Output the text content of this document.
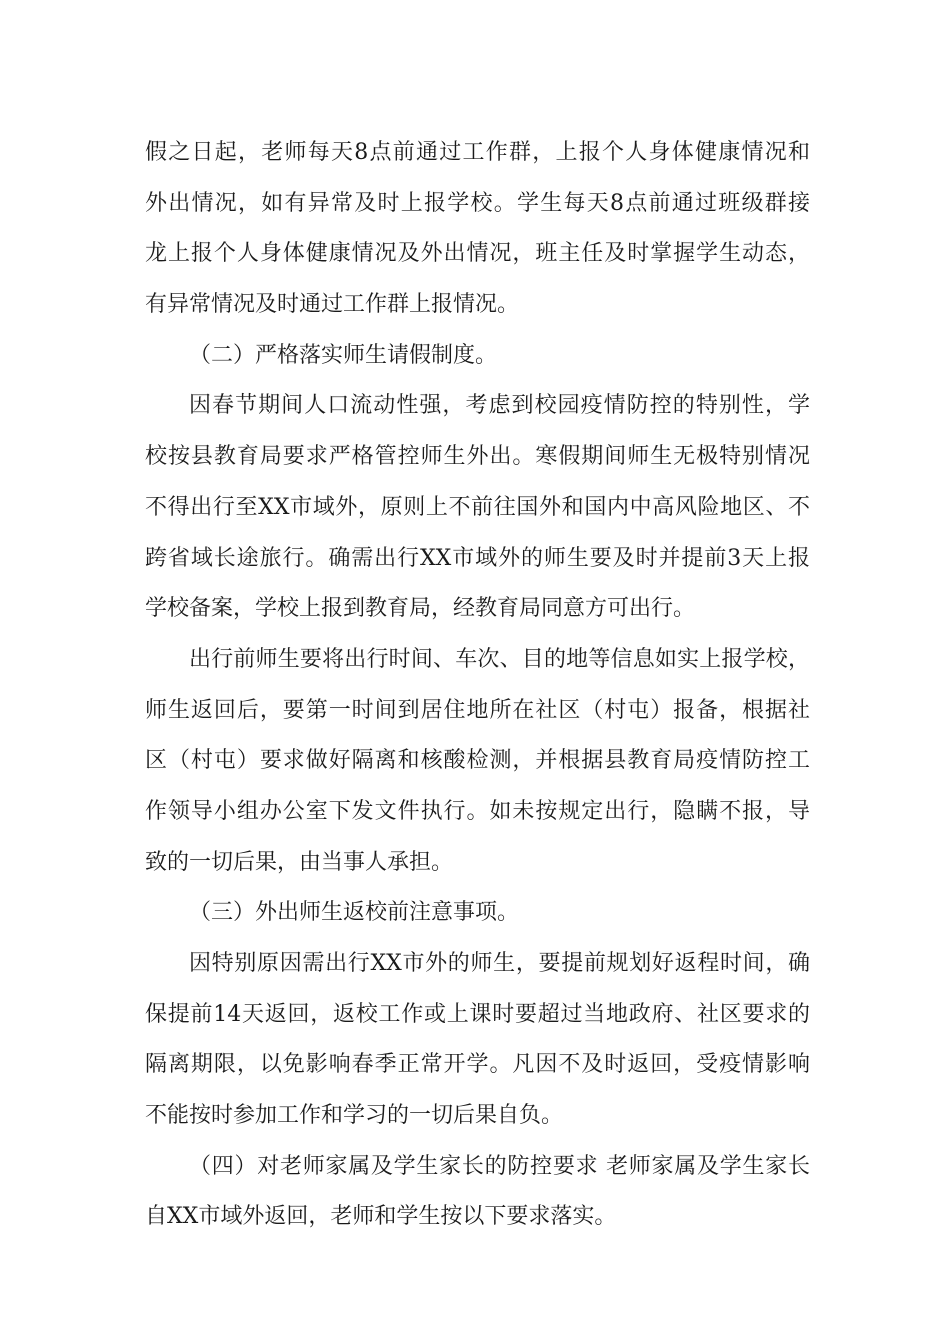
假之日起，老师每天8点前通过工作群，上报个人身体健康情况和
外出情况，如有异常及时上报学校。学生每天8点前通过班级群接
龙上报个人身体健康情况及外出情况，班主任及时掌握学生动态，
有异常情况及时通过工作群上报情况。
（二）严格落实师生请假制度。
因春节期间人口流动性强，考虑到校园疫情防控的特别性，学
校按县教育局要求严格管控师生外出。寒假期间师生无极特别情况
不得出行至XX市域外，原则上不前往国外和国内中高风险地区、不
跨省域长途旅行。确需出行XX市域外的师生要及时并提前3天上报
学校备案，学校上报到教育局，经教育局同意方可出行。
出行前师生要将出行时间、车次、目的地等信息如实上报学校，
师生返回后，要第一时间到居住地所在社区（村屯）报备，根据社
区（村屯）要求做好隔离和核酸检测，并根据县教育局疫情防控工
作领导小组办公室下发文件执行。如未按规定出行，隐瞒不报，导
致的一切后果，由当事人承担。
（三）外出师生返校前注意事项。
因特别原因需出行XX市外的师生，要提前规划好返程时间，确
保提前14天返回，返校工作或上课时要超过当地政府、社区要求的
隔离期限，以免影响春季正常开学。凡因不及时返回，受疫情影响
不能按时参加工作和学习的一切后果自负。
（四）对老师家属及学生家长的防控要求 老师家属及学生家长
自XX市域外返回，老师和学生按以下要求落实。
